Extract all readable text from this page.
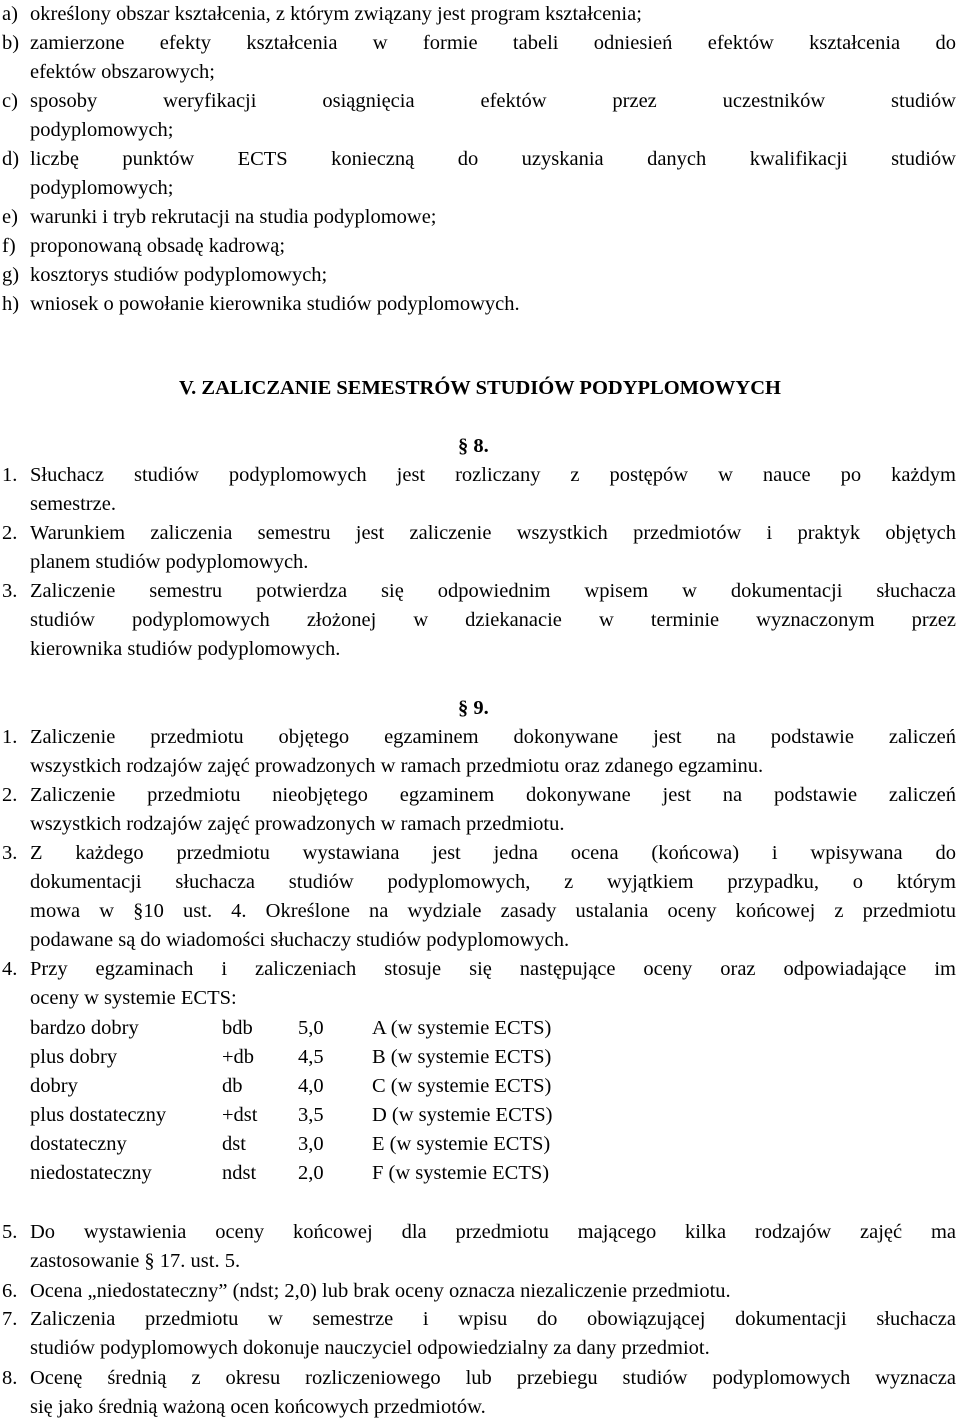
a) określony obszar kształcenia, z którym związany jest program kształcenia;
b) zamierzone efekty kształcenia w formie tabeli odniesień efektów kształcenia do
efektów obszarowych;
c) sposoby weryfikacji osiągnięcia efektów przez uczestników studiów
podyplomowych;
d) liczbę punktów ECTS konieczną do uzyskania danych kwalifikacji studiów
podyplomowych;
e) warunki i tryb rekrutacji na studia podyplomowe;
f) proponowaną obsadę kadrową;
g) kosztorys studiów podyplomowych;
h) wniosek o powołanie kierownika studiów podyplomowych.
V. ZALICZANIE SEMESTRÓW STUDIÓW PODYPLOMOWYCH
§ 8.
1. Słuchacz studiów podyplomowych jest rozliczany z postępów w nauce po każdym
semestrze.
2. Warunkiem zaliczenia semestru jest zaliczenie wszystkich przedmiotów i praktyk objętych
planem studiów podyplomowych.
3. Zaliczenie semestru potwierdza się odpowiednim wpisem w dokumentacji słuchacza
studiów podyplomowych złożonej w dziekanacie w terminie wyznaczonym przez
kierownika studiów podyplomowych.
§ 9.
1. Zaliczenie przedmiotu objętego egzaminem dokonywane jest na podstawie zaliczeń
wszystkich rodzajów zajęć prowadzonych w ramach przedmiotu oraz zdanego egzaminu.
2. Zaliczenie przedmiotu nieobjętego egzaminem dokonywane jest na podstawie zaliczeń
wszystkich rodzajów zajęć prowadzonych w ramach przedmiotu.
3. Z każdego przedmiotu wystawiana jest jedna ocena (końcowa) i wpisywana do
dokumentacji słuchacza studiów podyplomowych, z wyjątkiem przypadku, o którym
mowa w §10 ust. 4. Określone na wydziale zasady ustalania oceny końcowej z przedmiotu
podawane są do wiadomości słuchaczy studiów podyplomowych.
4. Przy egzaminach i zaliczeniach stosuje się następujące oceny oraz odpowiadające im
oceny w systemie ECTS:
bardzo dobry	bdb	5,0	A (w systemie ECTS)
plus dobry	+db	4,5	B (w systemie ECTS)
dobry	db	4,0	C (w systemie ECTS)
plus dostateczny	+dst	3,5	D (w systemie ECTS)
dostateczny	dst	3,0	E (w systemie ECTS)
niedostateczny	ndst	2,0	F (w systemie ECTS)
5. Do wystawienia oceny końcowej dla przedmiotu mającego kilka rodzajów zajęć ma
zastosowanie § 17. ust. 5.
6. Ocena „niedostateczny” (ndst; 2,0) lub brak oceny oznacza niezaliczenie przedmiotu.
7. Zaliczenia przedmiotu w semestrze i wpisu do obowiązującej dokumentacji słuchacza
studiów podyplomowych dokonuje nauczyciel odpowiedzialny za dany przedmiot.
8. Ocenę średnią z okresu rozliczeniowego lub przebiegu studiów podyplomowych wyznacza
się jako średnią ważoną ocen końcowych przedmiotów.
